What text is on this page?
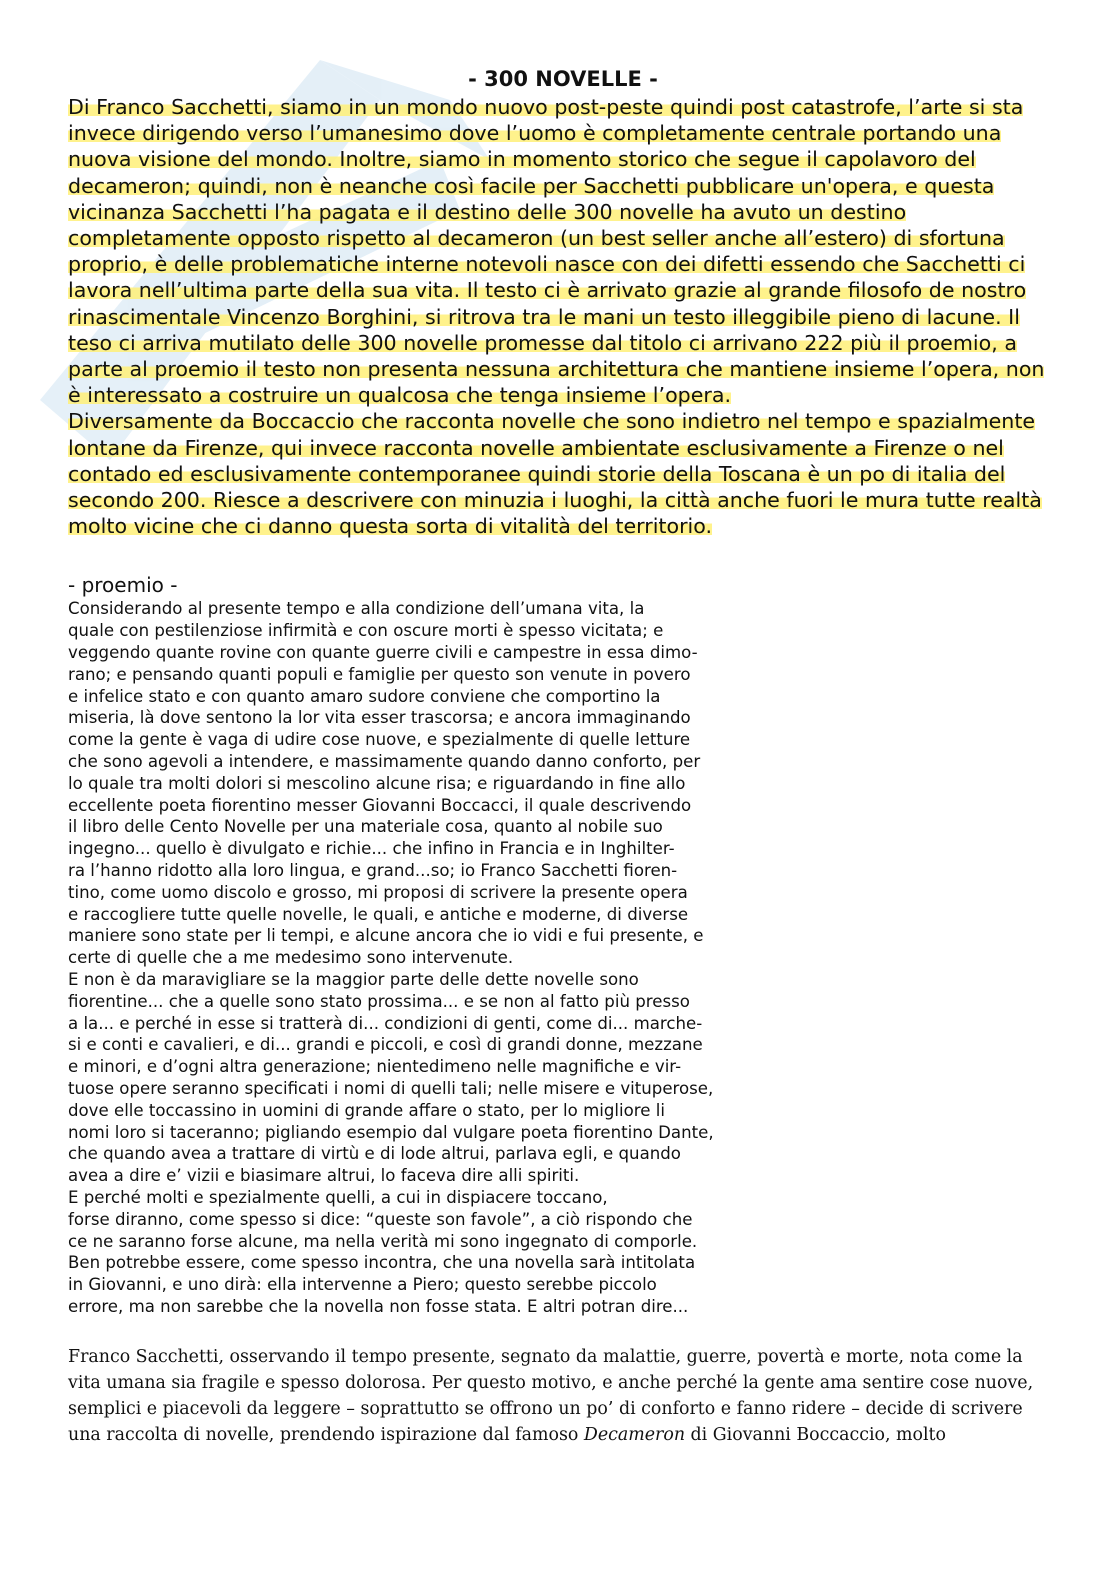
- 300 NOVELLE -

Di Franco Sacchetti, siamo in un mondo nuovo post-peste quindi post catastrofe, l’arte si sta invece dirigendo verso l’umanesimo dove l’uomo è completamente centrale portando una nuova visione del mondo. Inoltre, siamo in momento storico che segue il capolavoro del decameron; quindi, non è neanche così facile per Sacchetti pubblicare un'opera, e questa vicinanza Sacchetti l’ha pagata e il destino delle 300 novelle ha avuto un destino completamente opposto rispetto al decameron (un best seller anche all’estero) di sfortuna proprio, è delle problematiche interne notevoli nasce con dei difetti essendo che Sacchetti ci lavora nell’ultima parte della sua vita. Il testo ci è arrivato grazie al grande filosofo de nostro rinascimentale Vincenzo Borghini, si ritrova tra le mani un testo illeggibile pieno di lacune. Il teso ci arriva mutilato delle 300 novelle promesse dal titolo ci arrivano 222 più il proemio, a parte al proemio il testo non presenta nessuna architettura che mantiene insieme l’opera, non è interessato a costruire un qualcosa che tenga insieme l’opera.

Diversamente da Boccaccio che racconta novelle che sono indietro nel tempo e spazialmente lontane da Firenze, qui invece racconta novelle ambientate esclusivamente a Firenze o nel contado ed esclusivamente contemporanee quindi storie della Toscana è un po di italia del secondo 200. Riesce a descrivere con minuzia i luoghi, la città anche fuori le mura tutte realtà molto vicine che ci danno questa sorta di vitalità del territorio.

- proemio -

Considerando al presente tempo e alla condizione dell’umana vita, la
quale con pestilenziose infirmità e con oscure morti è spesso vicitata; e
veggendo quante rovine con quante guerre civili e campestre in essa dimo-
rano; e pensando quanti populi e famiglie per questo son venute in povero
e infelice stato e con quanto amaro sudore conviene che comportino la
miseria, là dove sentono la lor vita esser trascorsa; e ancora immaginando
come la gente è vaga di udire cose nuove, e spezialmente di quelle letture
che sono agevoli a intendere, e massimamente quando danno conforto, per
lo quale tra molti dolori si mescolino alcune risa; e riguardando in fine allo
eccellente poeta fiorentino messer Giovanni Boccacci, il quale descrivendo
il libro delle Cento Novelle per una materiale cosa, quanto al nobile suo
ingegno... quello è divulgato e richie... che infino in Francia e in Inghilter-
ra l’hanno ridotto alla loro lingua, e grand...so; io Franco Sacchetti fioren-
tino, come uomo discolo e grosso, mi proposi di scrivere la presente opera
e raccogliere tutte quelle novelle, le quali, e antiche e moderne, di diverse
maniere sono state per li tempi, e alcune ancora che io vidi e fui presente, e
certe di quelle che a me medesimo sono intervenute.

E non è da maravigliare se la maggior parte delle dette novelle sono
fiorentine... che a quelle sono stato prossima... e se non al fatto più presso
a la... e perché in esse si tratterà di... condizioni di genti, come di... marche-
si e conti e cavalieri, e di... grandi e piccoli, e così di grandi donne, mezzane
e minori, e d’ogni altra generazione; nientedimeno nelle magnifiche e vir-
tuose opere seranno specificati i nomi di quelli tali; nelle misere e vituperose,
dove elle toccassino in uomini di grande affare o stato, per lo migliore li
nomi loro si taceranno; pigliando esempio dal vulgare poeta fiorentino Dante,
che quando avea a trattare di virtù e di lode altrui, parlava egli, e quando
avea a dire e’ vizii e biasimare altrui, lo faceva dire alli spiriti.

E perché molti e spezialmente quelli, a cui in dispiacere toccano,
forse diranno, come spesso si dice: “queste son favole”, a ciò rispondo che
ce ne saranno forse alcune, ma nella verità mi sono ingegnato di comporle.
Ben potrebbe essere, come spesso incontra, che una novella sarà intitolata
in Giovanni, e uno dirà: ella intervenne a Piero; questo serebbe piccolo
errore, ma non sarebbe che la novella non fosse stata. E altri potran dire...

Franco Sacchetti, osservando il tempo presente, segnato da malattie, guerre, povertà e morte, nota come la vita umana sia fragile e spesso dolorosa. Per questo motivo, e anche perché la gente ama sentire cose nuove, semplici e piacevoli da leggere – soprattutto se offrono un po’ di conforto e fanno ridere – decide di scrivere una raccolta di novelle, prendendo ispirazione dal famoso Decameron di Giovanni Boccaccio, molto
